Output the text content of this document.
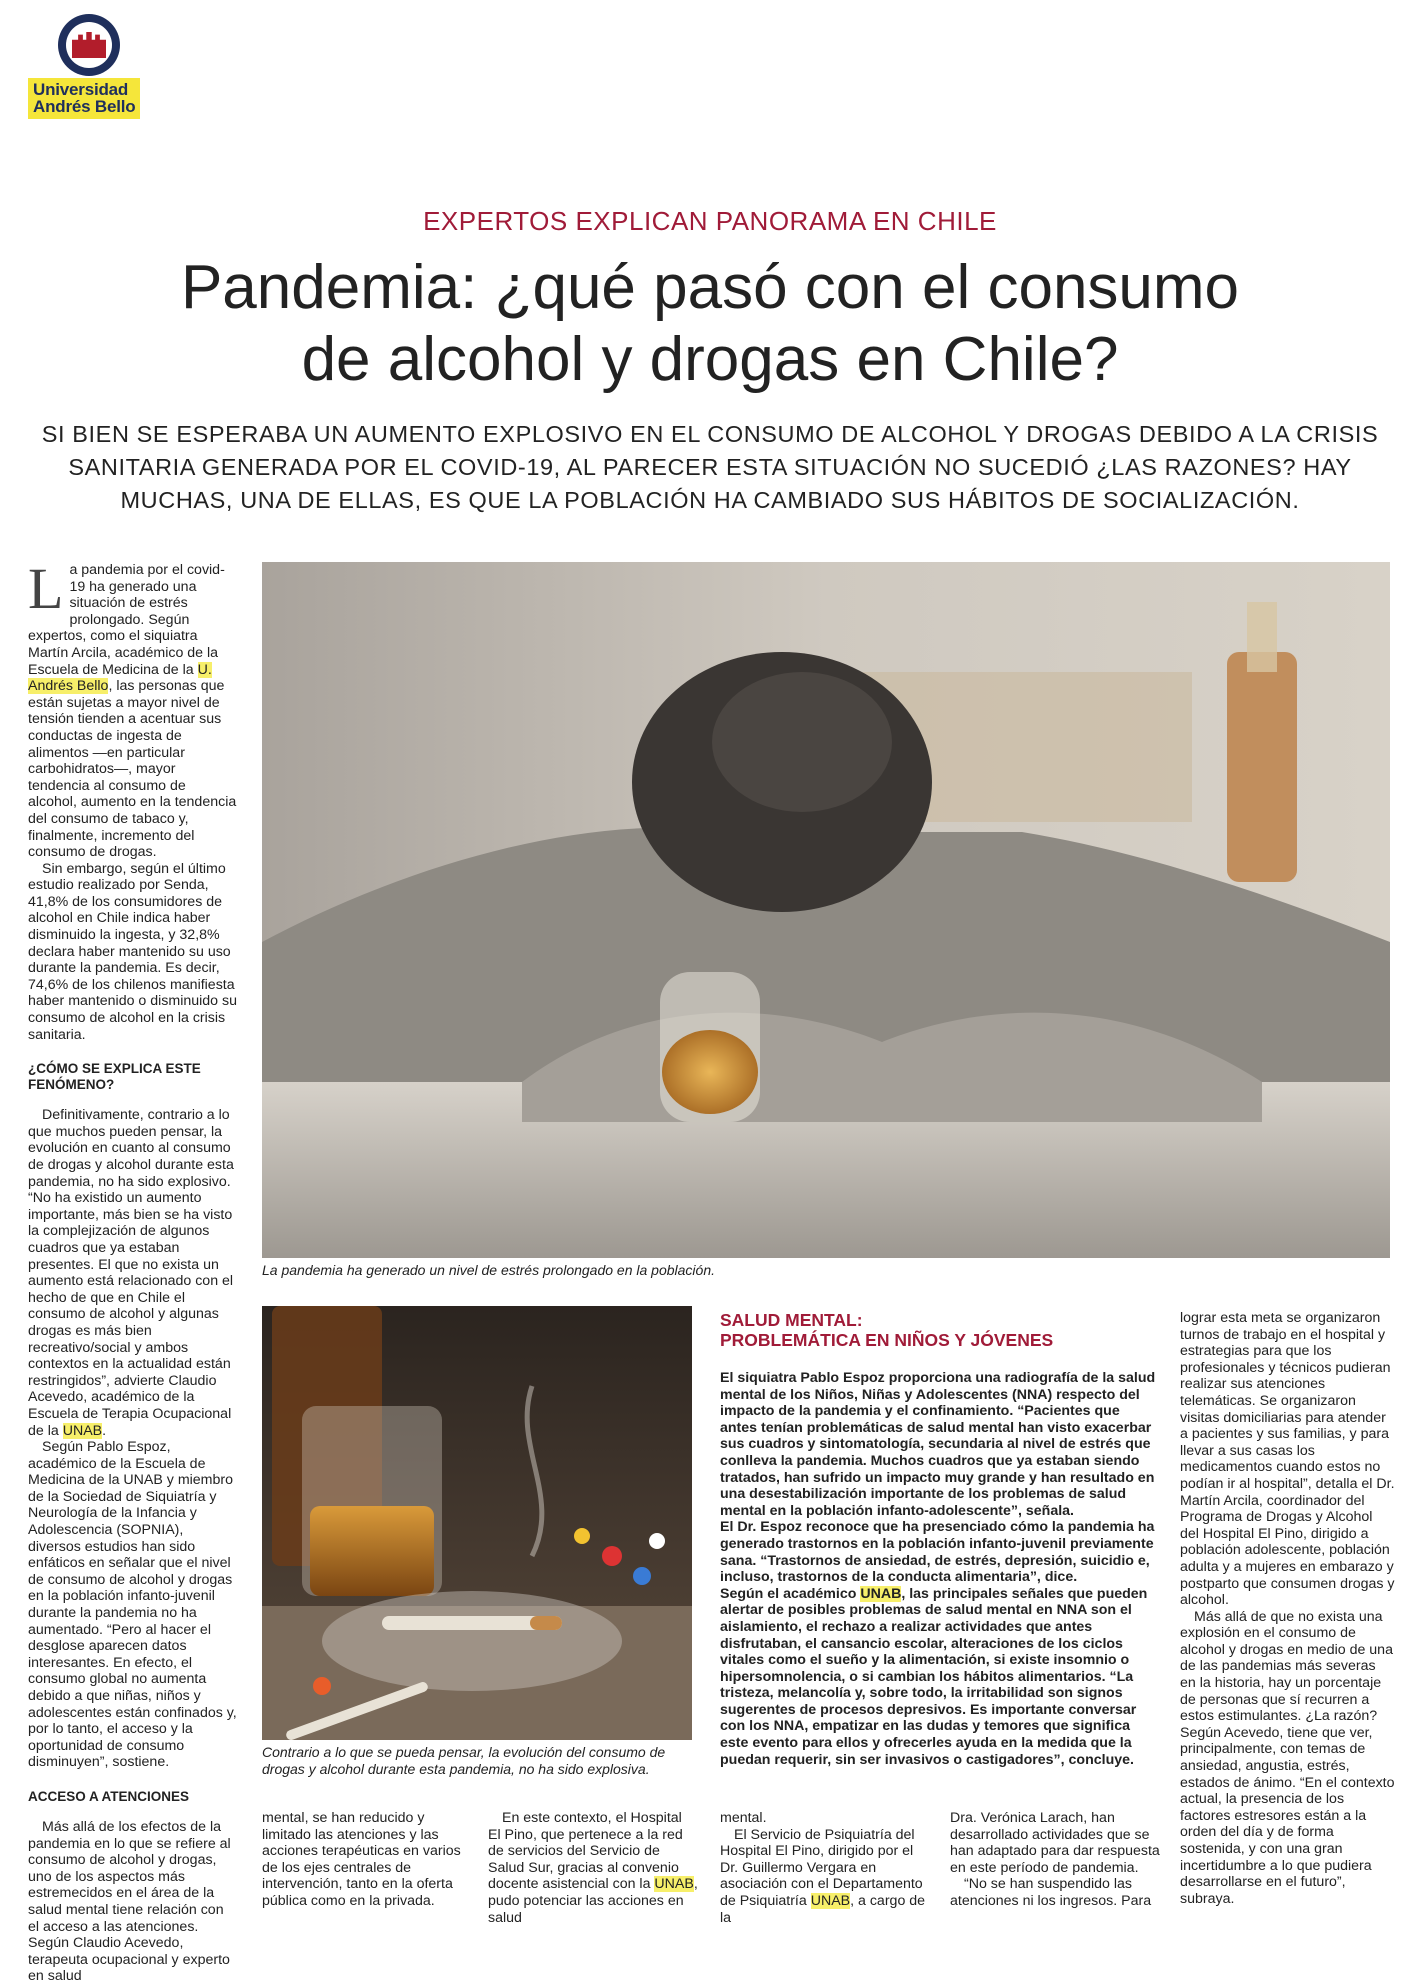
Universidad
Andrés Bello
EXPERTOS EXPLICAN PANORAMA EN CHILE
Pandemia: ¿qué pasó con el consumo
de alcohol y drogas en Chile?
SI BIEN SE ESPERABA UN AUMENTO EXPLOSIVO EN EL CONSUMO DE ALCOHOL Y DROGAS DEBIDO A LA CRISIS SANITARIA GENERADA POR EL COVID-19, AL PARECER ESTA SITUACIÓN NO SUCEDIÓ ¿LAS RAZONES? HAY MUCHAS, UNA DE ELLAS, ES QUE LA POBLACIÓN HA CAMBIADO SUS HÁBITOS DE SOCIALIZACIÓN.

La pandemia por el covid-19 ha generado una situación de estrés prolongado. Según expertos, como el siquiatra Martín Arcila, académico de la Escuela de Medicina de la U. Andrés Bello, las personas que están sujetas a mayor nivel de tensión tienden a acentuar sus conductas de ingesta de alimentos —en particular carbohidratos—, mayor tendencia al consumo de alcohol, aumento en la tendencia del consumo de tabaco y, finalmente, incremento del consumo de drogas.

Sin embargo, según el último estudio realizado por Senda, 41,8% de los consumidores de alcohol en Chile indica haber disminuido la ingesta, y 32,8% declara haber mantenido su uso durante la pandemia. Es decir, 74,6% de los chilenos manifiesta haber mantenido o disminuido su consumo de alcohol en la crisis sanitaria.

¿CÓMO SE EXPLICA ESTE FENÓMENO?

Definitivamente, contrario a lo que muchos pueden pensar, la evolución en cuanto al consumo de drogas y alcohol durante esta pandemia, no ha sido explosivo. “No ha existido un aumento importante, más bien se ha visto la complejización de algunos cuadros que ya estaban presentes. El que no exista un aumento está relacionado con el hecho de que en Chile el consumo de alcohol y algunas drogas es más bien recreativo/social y ambos contextos en la actualidad están restringidos”, advierte Claudio Acevedo, académico de la Escuela de Terapia Ocupacional de la UNAB.

Según Pablo Espoz, académico de la Escuela de Medicina de la UNAB y miembro de la Sociedad de Siquiatría y Neurología de la Infancia y Adolescencia (SOPNIA), diversos estudios han sido enfáticos en señalar que el nivel de consumo de alcohol y drogas en la población infanto-juvenil durante la pandemia no ha aumentado. “Pero al hacer el desglose aparecen datos interesantes. En efecto, el consumo global no aumenta debido a que niñas, niños y adolescentes están confinados y, por lo tanto, el acceso y la oportunidad de consumo disminuyen”, sostiene.

ACCESO A ATENCIONES

Más allá de los efectos de la pandemia en lo que se refiere al consumo de alcohol y drogas, uno de los aspectos más estremecidos en el área de la salud mental tiene relación con el acceso a las atenciones. Según Claudio Acevedo, terapeuta ocupacional y experto en salud

La pandemia ha generado un nivel de estrés prolongado en la población.
Contrario a lo que se pueda pensar, la evolución del consumo de drogas y alcohol durante esta pandemia, no ha sido explosiva.

mental, se han reducido y limitado las atenciones y las acciones terapéuticas en varios de los ejes centrales de intervención, tanto en la oferta pública como en la privada.

En este contexto, el Hospital El Pino, que pertenece a la red de servicios del Servicio de Salud Sur, gracias al convenio docente asistencial con la UNAB, pudo potenciar las acciones en salud

SALUD MENTAL:
PROBLEMÁTICA EN NIÑOS Y JÓVENES

El siquiatra Pablo Espoz proporciona una radiografía de la salud mental de los Niños, Niñas y Adolescentes (NNA) respecto del impacto de la pandemia y el confinamiento. “Pacientes que antes tenían problemáticas de salud mental han visto exacerbar sus cuadros y sintomatología, secundaria al nivel de estrés que conlleva la pandemia. Muchos cuadros que ya estaban siendo tratados, han sufrido un impacto muy grande y han resultado en una desestabilización importante de los problemas de salud mental en la población infanto-adolescente”, señala.

El Dr. Espoz reconoce que ha presenciado cómo la pandemia ha generado trastornos en la población infanto-juvenil previamente sana. “Trastornos de ansiedad, de estrés, depresión, suicidio e, incluso, trastornos de la conducta alimentaria”, dice.

Según el académico UNAB, las principales señales que pueden alertar de posibles problemas de salud mental en NNA son el aislamiento, el rechazo a realizar actividades que antes disfrutaban, el cansancio escolar, alteraciones de los ciclos vitales como el sueño y la alimentación, si existe insomnio o hipersomnolencia, o si cambian los hábitos alimentarios. “La tristeza, melancolía y, sobre todo, la irritabilidad son signos sugerentes de procesos depresivos. Es importante conversar con los NNA, empatizar en las dudas y temores que significa este evento para ellos y ofrecerles ayuda en la medida que la puedan requerir, sin ser invasivos o castigadores”, concluye.

mental.

El Servicio de Psiquiatría del Hospital El Pino, dirigido por el Dr. Guillermo Vergara en asociación con el Departamento de Psiquiatría UNAB, a cargo de la

Dra. Verónica Larach, han desarrollado actividades que se han adaptado para dar respuesta en este período de pandemia.

“No se han suspendido las atenciones ni los ingresos. Para

lograr esta meta se organizaron turnos de trabajo en el hospital y estrategias para que los profesionales y técnicos pudieran realizar sus atenciones telemáticas. Se organizaron visitas domiciliarias para atender a pacientes y sus familias, y para llevar a sus casas los medicamentos cuando estos no podían ir al hospital”, detalla el Dr. Martín Arcila, coordinador del Programa de Drogas y Alcohol del Hospital El Pino, dirigido a población adolescente, población adulta y a mujeres en embarazo y postparto que consumen drogas y alcohol.

Más allá de que no exista una explosión en el consumo de alcohol y drogas en medio de una de las pandemias más severas en la historia, hay un porcentaje de personas que sí recurren a estos estimulantes. ¿La razón? Según Acevedo, tiene que ver, principalmente, con temas de ansiedad, angustia, estrés, estados de ánimo. “En el contexto actual, la presencia de los factores estresores están a la orden del día y de forma sostenida, y con una gran incertidumbre a lo que pudiera desarrollarse en el futuro”, subraya.
